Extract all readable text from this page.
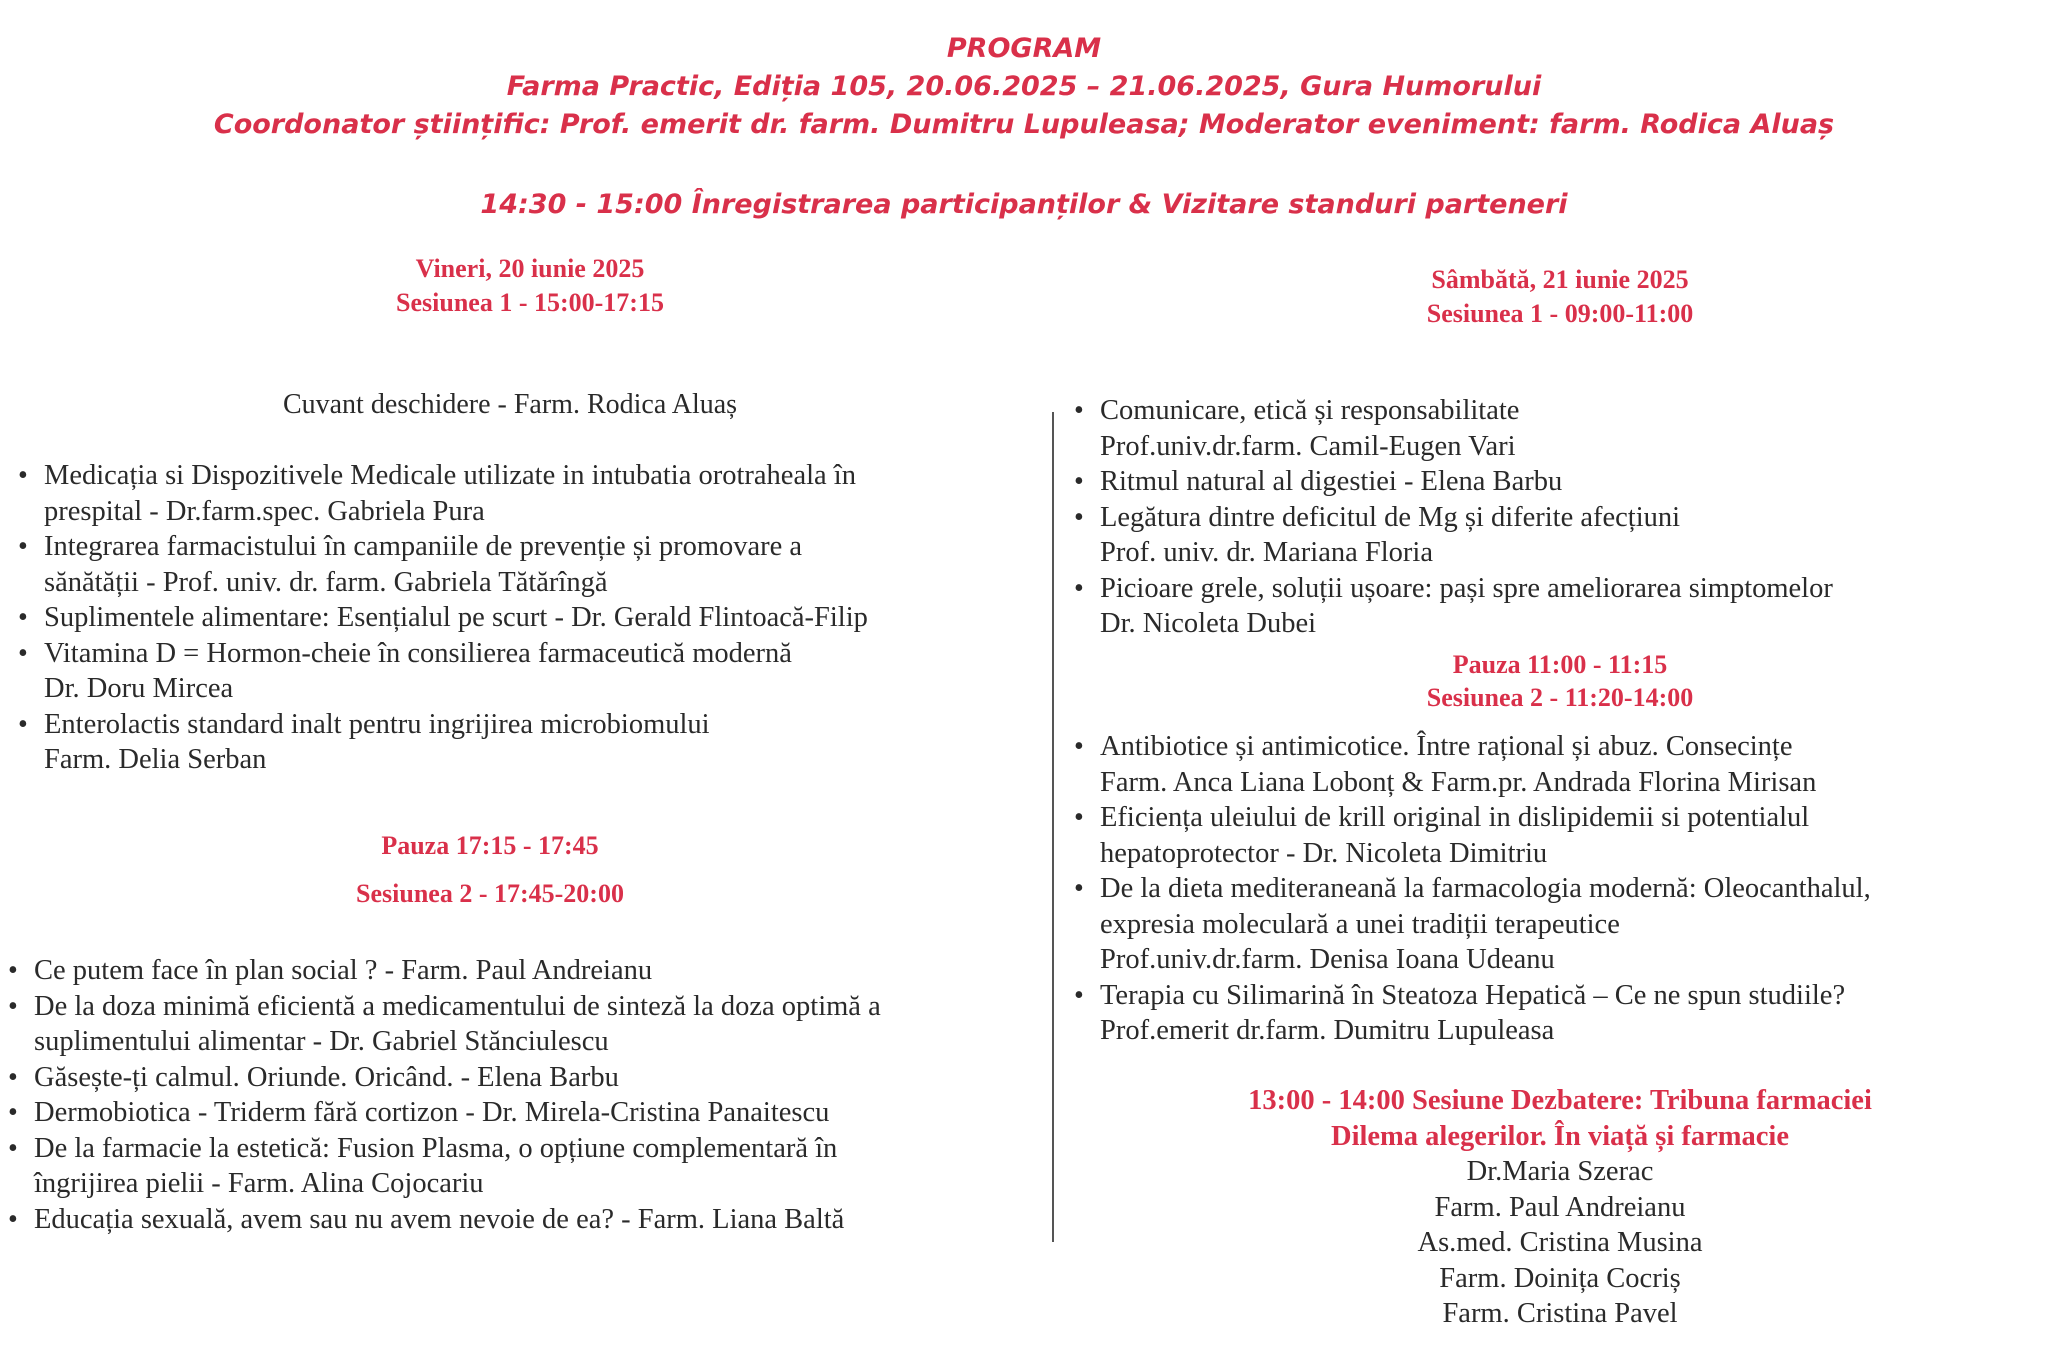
PROGRAM
Farma Practic, Ediția 105, 20.06.2025 – 21.06.2025, Gura Humorului
Coordonator științific: Prof. emerit dr. farm. Dumitru Lupuleasa; Moderator eveniment: farm. Rodica Aluaș
14:30 - 15:00 Înregistrarea participanților & Vizitare standuri parteneri
Vineri, 20 iunie 2025
Sesiunea 1 - 15:00-17:15
Cuvant deschidere - Farm. Rodica Aluaș
• Medicația si Dispozitivele Medicale utilizate in intubatia orotraheala în
prespital - Dr.farm.spec. Gabriela Pura
• Integrarea farmacistului în campaniile de prevenție și promovare a
sănătății - Prof. univ. dr. farm. Gabriela Tătărîngă
• Suplimentele alimentare: Esențialul pe scurt - Dr. Gerald Flintoacă-Filip
• Vitamina D = Hormon-cheie în consilierea farmaceutică modernă
Dr. Doru Mircea
• Enterolactis standard inalt pentru ingrijirea microbiomului
Farm. Delia Serban
Pauza 17:15 - 17:45
Sesiunea 2 - 17:45-20:00
• Ce putem face în plan social ? - Farm. Paul Andreianu
• De la doza minimă eficientă a medicamentului de sinteză la doza optimă a
suplimentului alimentar - Dr. Gabriel Stănciulescu
• Găsește-ți calmul. Oriunde. Oricând. - Elena Barbu
• Dermobiotica - Triderm fără cortizon - Dr. Mirela-Cristina Panaitescu
• De la farmacie la estetică: Fusion Plasma, o opțiune complementară în
îngrijirea pielii - Farm. Alina Cojocariu
• Educația sexuală, avem sau nu avem nevoie de ea? - Farm. Liana Baltă
Sâmbătă, 21 iunie 2025
Sesiunea 1 - 09:00-11:00
• Comunicare, etică și responsabilitate
Prof.univ.dr.farm. Camil-Eugen Vari
• Ritmul natural al digestiei - Elena Barbu
• Legătura dintre deficitul de Mg și diferite afecțiuni
Prof. univ. dr. Mariana Floria
• Picioare grele, soluții ușoare: pași spre ameliorarea simptomelor
Dr. Nicoleta Dubei
Pauza 11:00 - 11:15
Sesiunea 2 - 11:20-14:00
• Antibiotice și antimicotice. Între rațional și abuz. Consecințe
Farm. Anca Liana Lobonț & Farm.pr. Andrada Florina Mirisan
• Eficiența uleiului de krill original in dislipidemii si potentialul
hepatoprotector - Dr. Nicoleta Dimitriu
• De la dieta mediteraneană la farmacologia modernă: Oleocanthalul,
expresia moleculară a unei tradiții terapeutice
Prof.univ.dr.farm. Denisa Ioana Udeanu
• Terapia cu Silimarină în Steatoza Hepatică – Ce ne spun studiile?
Prof.emerit dr.farm. Dumitru Lupuleasa
13:00 - 14:00 Sesiune Dezbatere: Tribuna farmaciei
Dilema alegerilor. În viață și farmacie
Dr.Maria Szerac
Farm. Paul Andreianu
As.med. Cristina Musina
Farm. Doinița Cocriș
Farm. Cristina Pavel
